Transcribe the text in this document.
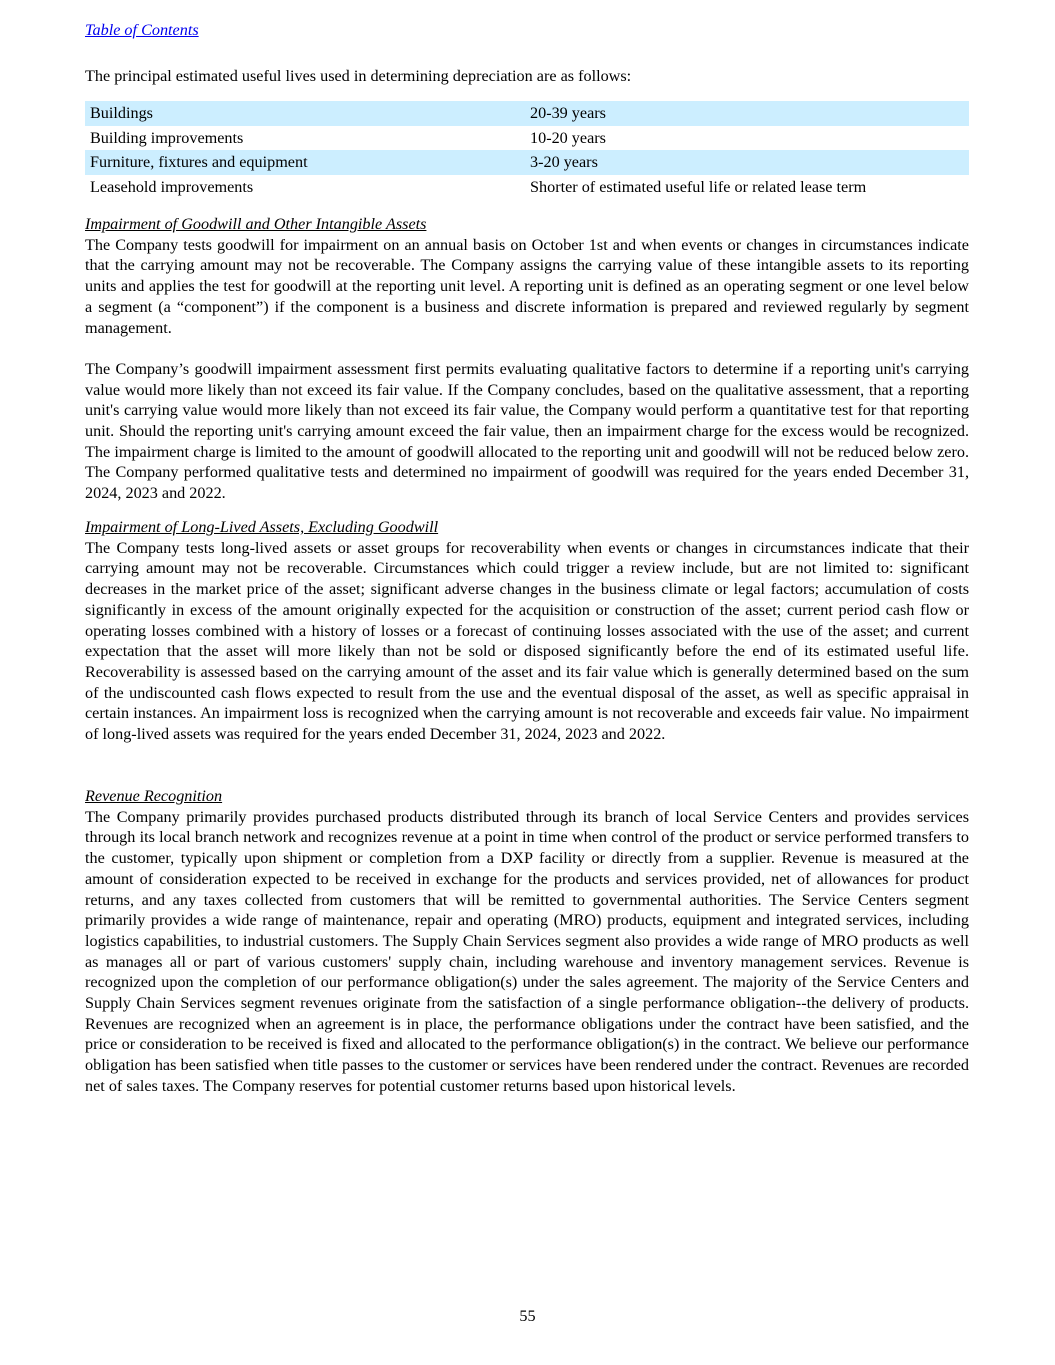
Table of Contents

The principal estimated useful lives used in determining depreciation are as follows:

Buildings	20-39 years
Building improvements	10-20 years
Furniture, fixtures and equipment	3-20 years
Leasehold improvements	Shorter of estimated useful life or related lease term
Impairment of Goodwill and Other Intangible Assets

The Company tests goodwill for impairment on an annual basis on October 1st and when events or changes in circumstances indicate that the carrying amount may not be recoverable. The Company assigns the carrying value of these intangible assets to its reporting units and applies the test for goodwill at the reporting unit level. A reporting unit is defined as an operating segment or one level below a segment (a “component”) if the component is a business and discrete information is prepared and reviewed regularly by segment management.

The Company’s goodwill impairment assessment first permits evaluating qualitative factors to determine if a reporting unit's carrying value would more likely than not exceed its fair value. If the Company concludes, based on the qualitative assessment, that a reporting unit's carrying value would more likely than not exceed its fair value, the Company would perform a quantitative test for that reporting unit. Should the reporting unit's carrying amount exceed the fair value, then an impairment charge for the excess would be recognized. The impairment charge is limited to the amount of goodwill allocated to the reporting unit and goodwill will not be reduced below zero. The Company performed qualitative tests and determined no impairment of goodwill was required for the years ended December 31, 2024, 2023 and 2022.

Impairment of Long-Lived Assets, Excluding Goodwill

The Company tests long-lived assets or asset groups for recoverability when events or changes in circumstances indicate that their carrying amount may not be recoverable. Circumstances which could trigger a review include, but are not limited to: significant decreases in the market price of the asset; significant adverse changes in the business climate or legal factors; accumulation of costs significantly in excess of the amount originally expected for the acquisition or construction of the asset; current period cash flow or operating losses combined with a history of losses or a forecast of continuing losses associated with the use of the asset; and current expectation that the asset will more likely than not be sold or disposed significantly before the end of its estimated useful life. Recoverability is assessed based on the carrying amount of the asset and its fair value which is generally determined based on the sum of the undiscounted cash flows expected to result from the use and the eventual disposal of the asset, as well as specific appraisal in certain instances. An impairment loss is recognized when the carrying amount is not recoverable and exceeds fair value. No impairment of long-lived assets was required for the years ended December 31, 2024, 2023 and 2022.

Revenue Recognition

The Company primarily provides purchased products distributed through its branch of local Service Centers and provides services through its local branch network and recognizes revenue at a point in time when control of the product or service performed transfers to the customer, typically upon shipment or completion from a DXP facility or directly from a supplier. Revenue is measured at the amount of consideration expected to be received in exchange for the products and services provided, net of allowances for product returns, and any taxes collected from customers that will be remitted to governmental authorities. The Service Centers segment primarily provides a wide range of maintenance, repair and operating (MRO) products, equipment and integrated services, including logistics capabilities, to industrial customers. The Supply Chain Services segment also provides a wide range of MRO products as well as manages all or part of various customers' supply chain, including warehouse and inventory management services. Revenue is recognized upon the completion of our performance obligation(s) under the sales agreement. The majority of the Service Centers and Supply Chain Services segment revenues originate from the satisfaction of a single performance obligation--the delivery of products. Revenues are recognized when an agreement is in place, the performance obligations under the contract have been satisfied, and the price or consideration to be received is fixed and allocated to the performance obligation(s) in the contract. We believe our performance obligation has been satisfied when title passes to the customer or services have been rendered under the contract. Revenues are recorded net of sales taxes. The Company reserves for potential customer returns based upon historical levels.

55
